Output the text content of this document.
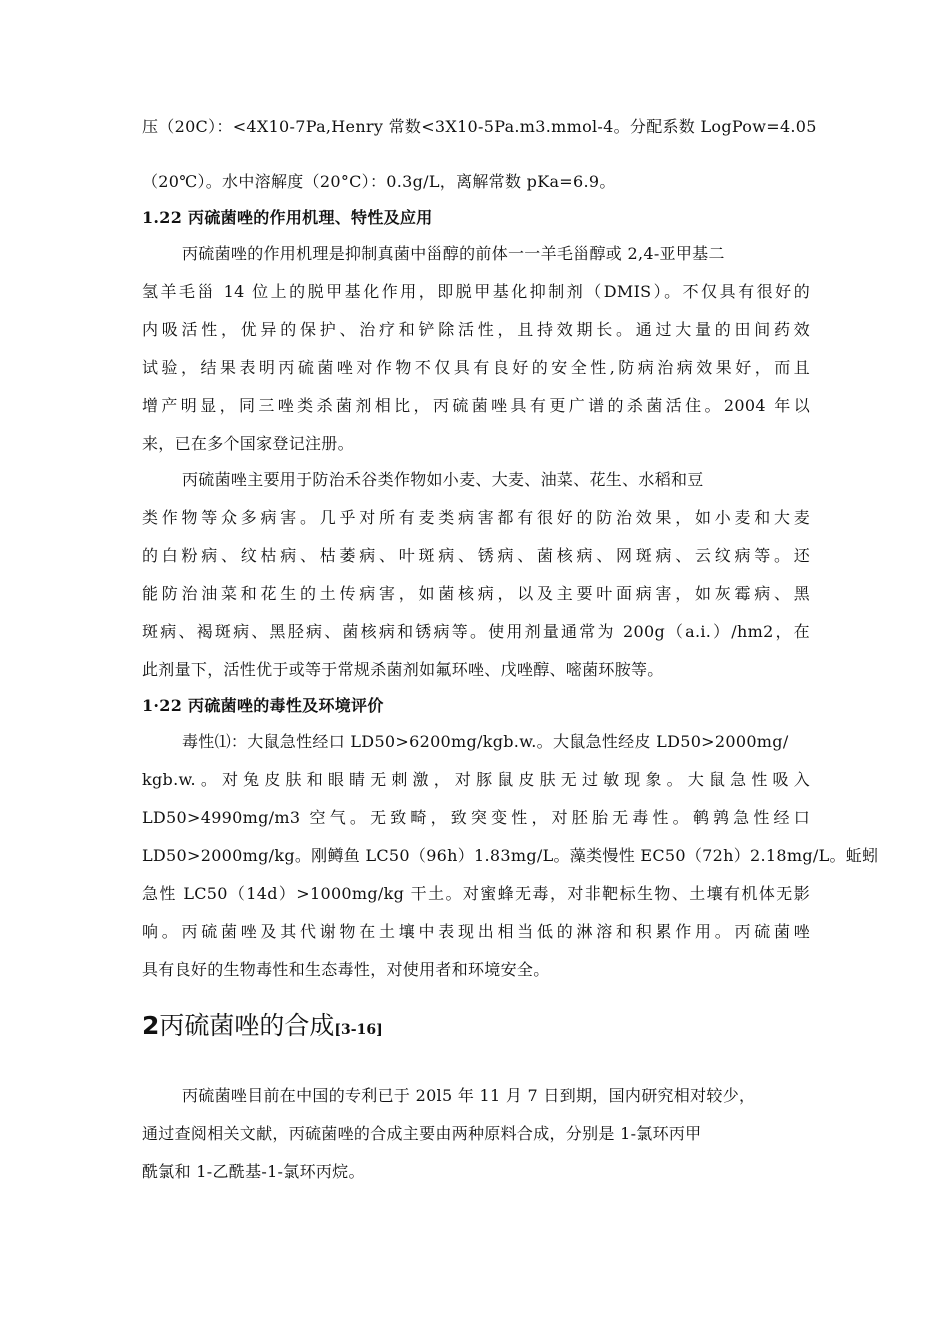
2丙硫菌唑的合成[3-16]
压（20C）：<4X10-7Pa,Henry 常数<3X10-5Pa.m3.mmol-4。分配系数 LogPow=4.05
（20℃）。水中溶解度（20°C）：0.3g/L，离解常数 pKa=6.9。
1.22 丙硫菌唑的作用机理、特性及应用
丙硫菌唑的作用机理是抑制真菌中甾醇的前体一一羊毛甾醇或 2,4-亚甲基二
氢羊毛甾 14 位上的脱甲基化作用，即脱甲基化抑制剂（DMIS）。不仅具有很好的
内吸活性，优异的保护、治疗和铲除活性，且持效期长。通过大量的田间药效
试验，结果表明丙硫菌唑对作物不仅具有良好的安全性,防病治病效果好，而且
增产明显，同三唑类杀菌剂相比，丙硫菌唑具有更广谱的杀菌活住。2004 年以
来，已在多个国家登记注册。
丙硫菌唑主要用于防治禾谷类作物如小麦、大麦、油菜、花生、水稻和豆
类作物等众多病害。几乎对所有麦类病害都有很好的防治效果，如小麦和大麦
的白粉病、纹枯病、枯萎病、叶斑病、锈病、菌核病、网斑病、云纹病等。还
能防治油菜和花生的土传病害，如菌核病，以及主要叶面病害，如灰霉病、黑
斑病、褐斑病、黑胫病、菌核病和锈病等。使用剂量通常为 200g（a.i.）/hm2，在
此剂量下，活性优于或等于常规杀菌剂如氟环唑、戊唑醇、嘧菌环胺等。
1·22 丙硫菌唑的毒性及环境评价
毒性⑴：大鼠急性经口 LD50>6200mg/kgb.w.。大鼠急性经皮 LD50>2000mg/
kgb.w.。对兔皮肤和眼睛无刺激，对豚鼠皮肤无过敏现象。大鼠急性吸入
LD50>4990mg/m3 空气。无致畸，致突变性，对胚胎无毒性。鹌鹑急性经口
LD50>2000mg/kg。刚鳟鱼 LC50（96h）1.83mg/L。藻类慢性 EC50（72h）2.18mg/L。蚯蚓
急性 LC50（14d）>1000mg/kg 干土。对蜜蜂无毒，对非靶标生物、土壤有机体无影
响。丙硫菌唑及其代谢物在土壤中表现出相当低的淋溶和积累作用。丙硫菌唑
具有良好的生物毒性和生态毒性，对使用者和环境安全。
丙硫菌唑目前在中国的专利已于 20l5 年 11 月 7 日到期，国内研究相对较少，
通过查阅相关文献，丙硫菌唑的合成主要由两种原料合成，分别是 1-氯环丙甲
酰氯和 1-乙酰基-1-氯环丙烷。
